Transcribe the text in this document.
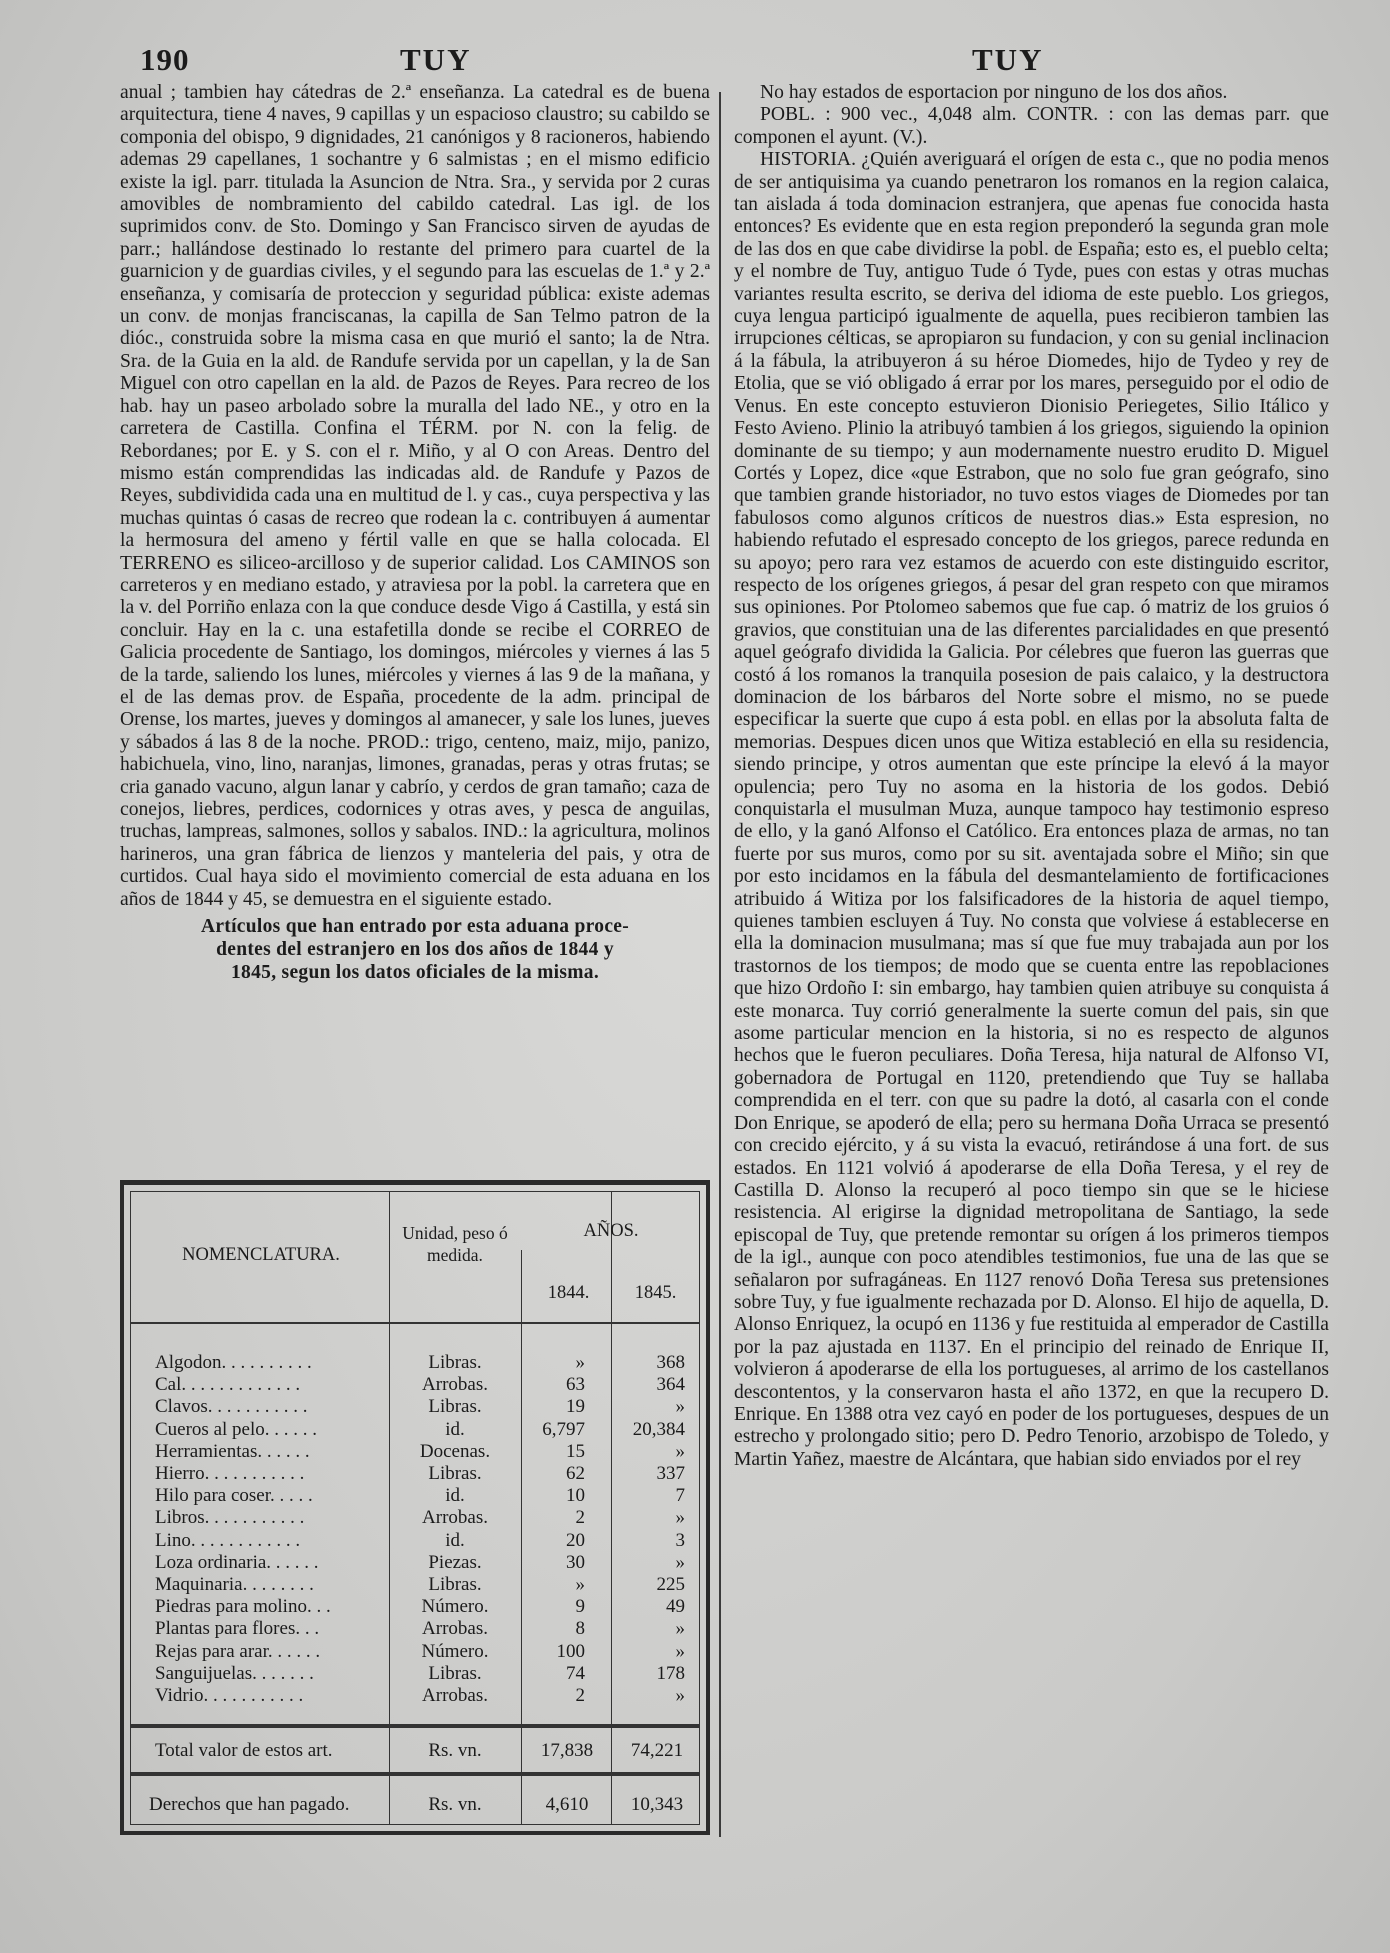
190	TUY	TUY

anual ; tambien hay cátedras de 2.ª enseñanza. La catedral es de buena arquitectura, tiene 4 naves, 9 capillas y un espacioso claustro; su cabildo se componia del obispo, 9 dignidades, 21 canónigos y 8 racioneros, habiendo ademas 29 capellanes, 1 sochantre y 6 salmistas ; en el mismo edificio existe la igl. parr. titulada la Asuncion de Ntra. Sra., y servida por 2 curas amovibles de nombramiento del cabildo catedral. Las igl. de los suprimidos conv. de Sto. Domingo y San Francisco sirven de ayudas de parr.; hallándose destinado lo restante del primero para cuartel de la guarnicion y de guardias civiles, y el segundo para las escuelas de 1.ª y 2.ª enseñanza, y comisaría de proteccion y seguridad pública: existe ademas un conv. de monjas franciscanas, la capilla de San Telmo patron de la dióc., construida sobre la misma casa en que murió el santo; la de Ntra. Sra. de la Guia en la ald. de Randufe servida por un capellan, y la de San Miguel con otro capellan en la ald. de Pazos de Reyes. Para recreo de los hab. hay un paseo arbolado sobre la muralla del lado NE., y otro en la carretera de Castilla. Confina el TÉRM. por N. con la felig. de Rebordanes; por E. y S. con el r. Miño, y al O con Areas. Dentro del mismo están comprendidas las indicadas ald. de Randufe y Pazos de Reyes, subdividida cada una en multitud de l. y cas., cuya perspectiva y las muchas quintas ó casas de recreo que rodean la c. contribuyen á aumentar la hermosura del ameno y fértil valle en que se halla colocada. El TERRENO es siliceo-arcilloso y de superior calidad. Los CAMINOS son carreteros y en mediano estado, y atraviesa por la pobl. la carretera que en la v. del Porriño enlaza con la que conduce desde Vigo á Castilla, y está sin concluir. Hay en la c. una estafetilla donde se recibe el CORREO de Galicia procedente de Santiago, los domingos, miércoles y viernes á las 5 de la tarde, saliendo los lunes, miércoles y viernes á las 9 de la mañana, y el de las demas prov. de España, procedente de la adm. principal de Orense, los martes, jueves y domingos al amanecer, y sale los lunes, jueves y sábados á las 8 de la noche. PROD.: trigo, centeno, maiz, mijo, panizo, habichuela, vino, lino, naranjas, limones, granadas, peras y otras frutas; se cria ganado vacuno, algun lanar y cabrío, y cerdos de gran tamaño; caza de conejos, liebres, perdices, codornices y otras aves, y pesca de anguilas, truchas, lampreas, salmones, sollos y sabalos. IND.: la agricultura, molinos harineros, una gran fábrica de lienzos y manteleria del pais, y otra de curtidos. Cual haya sido el movimiento comercial de esta aduana en los años de 1844 y 45, se demuestra en el siguiente estado.

Artículos que han entrado por esta aduana proce-
dentes del estranjero en los dos años de 1844 y
1845, segun los datos oficiales de la misma.
NOMENCLATURA.
Unidad, peso ó medida.
AÑOS.
1844.	1845.
Algodon. . . . . . . . . .	Libras.	»	368
Cal. . . . . . . . . . . . .	Arrobas.	63	364
Clavos. . . . . . . . . . .	Libras.	19	»
Cueros al pelo. . . . . .	id.	6,797	20,384
Herramientas. . . . . .	Docenas.	15	»
Hierro. . . . . . . . . . .	Libras.	62	337
Hilo para coser. . . . .	id.	10	7
Libros. . . . . . . . . . .	Arrobas.	2	»
Lino. . . . . . . . . . . .	id.	20	3
Loza ordinaria. . . . . .	Piezas.	30	»
Maquinaria. . . . . . . .	Libras.	»	225
Piedras para molino. . .	Número.	9	49
Plantas para flores. . .	Arrobas.	8	»
Rejas para arar. . . . . .	Número.	100	»
Sanguijuelas. . . . . . .	Libras.	74	178
Vidrio. . . . . . . . . . .	Arrobas.	2	»
Total valor de estos art.	Rs. vn.	17,838	74,221
Derechos que han pagado.	Rs. vn.	4,610	10,343

No hay estados de esportacion por ninguno de los dos años.

POBL. : 900 vec., 4,048 alm. CONTR. : con las demas parr. que componen el ayunt. (V.).

HISTORIA. ¿Quién averiguará el orígen de esta c., que no podia menos de ser antiquisima ya cuando penetraron los romanos en la region calaica, tan aislada á toda dominacion estranjera, que apenas fue conocida hasta entonces? Es evidente que en esta region preponderó la segunda gran mole de las dos en que cabe dividirse la pobl. de España; esto es, el pueblo celta; y el nombre de Tuy, antiguo Tude ó Tyde, pues con estas y otras muchas variantes resulta escrito, se deriva del idioma de este pueblo. Los griegos, cuya lengua participó igualmente de aquella, pues recibieron tambien las irrupciones célticas, se apropiaron su fundacion, y con su genial inclinacion á la fábula, la atribuyeron á su héroe Diomedes, hijo de Tydeo y rey de Etolia, que se vió obligado á errar por los mares, perseguido por el odio de Venus. En este concepto estuvieron Dionisio Periegetes, Silio Itálico y Festo Avieno. Plinio la atribuyó tambien á los griegos, siguiendo la opinion dominante de su tiempo; y aun modernamente nuestro erudito D. Miguel Cortés y Lopez, dice «que Estrabon, que no solo fue gran geógrafo, sino que tambien grande historiador, no tuvo estos viages de Diomedes por tan fabulosos como algunos críticos de nuestros dias.» Esta espresion, no habiendo refutado el espresado concepto de los griegos, parece redunda en su apoyo; pero rara vez estamos de acuerdo con este distinguido escritor, respecto de los orígenes griegos, á pesar del gran respeto con que miramos sus opiniones. Por Ptolomeo sabemos que fue cap. ó matriz de los gruios ó gravios, que constituian una de las diferentes parcialidades en que presentó aquel geógrafo dividida la Galicia. Por célebres que fueron las guerras que costó á los romanos la tranquila posesion de pais calaico, y la destructora dominacion de los bárbaros del Norte sobre el mismo, no se puede especificar la suerte que cupo á esta pobl. en ellas por la absoluta falta de memorias. Despues dicen unos que Witiza estableció en ella su residencia, siendo principe, y otros aumentan que este príncipe la elevó á la mayor opulencia; pero Tuy no asoma en la historia de los godos. Debió conquistarla el musulman Muza, aunque tampoco hay testimonio espreso de ello, y la ganó Alfonso el Católico. Era entonces plaza de armas, no tan fuerte por sus muros, como por su sit. aventajada sobre el Miño; sin que por esto incidamos en la fábula del desmantelamiento de fortificaciones atribuido á Witiza por los falsificadores de la historia de aquel tiempo, quienes tambien escluyen á Tuy. No consta que volviese á establecerse en ella la dominacion musulmana; mas sí que fue muy trabajada aun por los trastornos de los tiempos; de modo que se cuenta entre las repoblaciones que hizo Ordoño I: sin embargo, hay tambien quien atribuye su conquista á este monarca. Tuy corrió generalmente la suerte comun del pais, sin que asome particular mencion en la historia, si no es respecto de algunos hechos que le fueron peculiares. Doña Teresa, hija natural de Alfonso VI, gobernadora de Portugal en 1120, pretendiendo que Tuy se hallaba comprendida en el terr. con que su padre la dotó, al casarla con el conde Don Enrique, se apoderó de ella; pero su hermana Doña Urraca se presentó con crecido ejército, y á su vista la evacuó, retirándose á una fort. de sus estados. En 1121 volvió á apoderarse de ella Doña Teresa, y el rey de Castilla D. Alonso la recuperó al poco tiempo sin que se le hiciese resistencia. Al erigirse la dignidad metropolitana de Santiago, la sede episcopal de Tuy, que pretende remontar su orígen á los primeros tiempos de la igl., aunque con poco atendibles testimonios, fue una de las que se señalaron por sufragáneas. En 1127 renovó Doña Teresa sus pretensiones sobre Tuy, y fue igualmente rechazada por D. Alonso. El hijo de aquella, D. Alonso Enriquez, la ocupó en 1136 y fue restituida al emperador de Castilla por la paz ajustada en 1137. En el principio del reinado de Enrique II, volvieron á apoderarse de ella los portugueses, al arrimo de los castellanos descontentos, y la conservaron hasta el año 1372, en que la recupero D. Enrique. En 1388 otra vez cayó en poder de los portugueses, despues de un estrecho y prolongado sitio; pero D. Pedro Tenorio, arzobispo de Toledo, y Martin Yañez, maestre de Alcántara, que habian sido enviados por el rey
